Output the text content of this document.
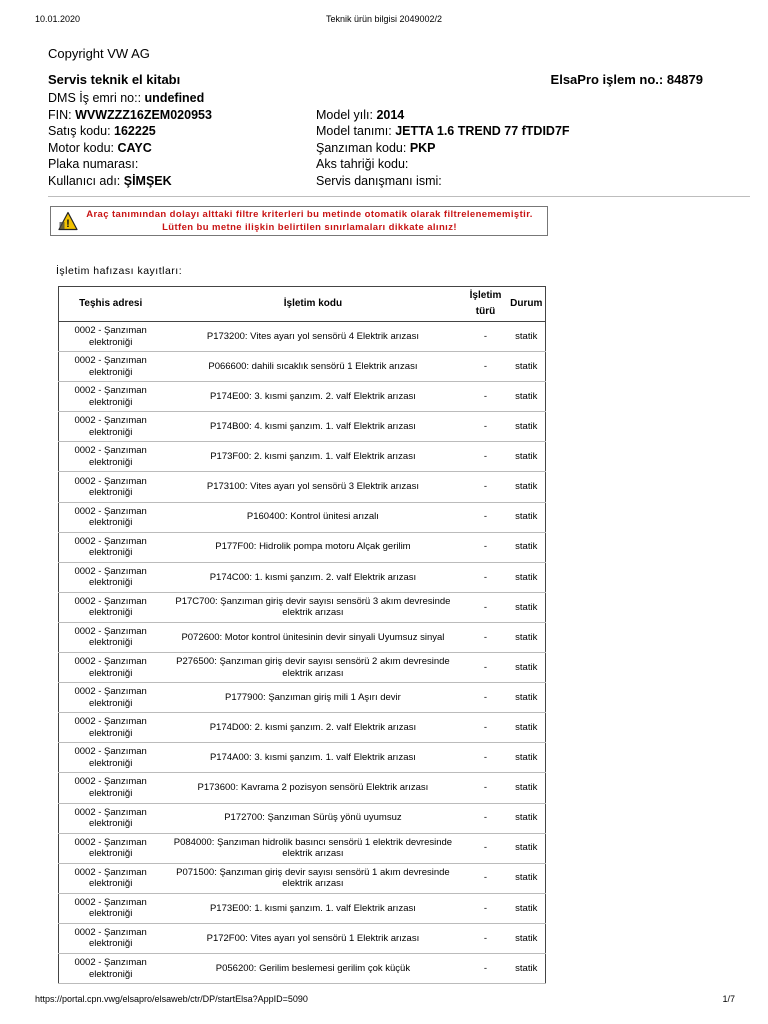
10.01.2020	Teknik ürün bilgisi 2049002/2
Copyright VW AG
Servis teknik el kitabı	ElsaPro işlem no.: 84879
DMS İş emri no:: undefined
FIN: WVWZZZ16ZEM020953	Model yılı: 2014
Satış kodu: 162225	Model tanımı: JETTA 1.6 TREND 77 fTDID7F
Motor kodu: CAYC	Şanzıman kodu: PKP
Plaka numarası:	Aks tahriği kodu:
Kullanıcı adı: ŞİMŞEK	Servis danışmanı ismi:
!
Araç tanımından dolayı alttaki filtre kriterleri bu metinde otomatik olarak filtrelenememiştir. Lütfen bu metne ilişkin belirtilen sınırlamaları dikkate alınız!
İşletim hafızası kayıtları:
Teşhis adresi	İşletim kodu	İşletim türü	Durum
0002 - Şanzıman elektroniği	P173200: Vites ayarı yol sensörü 4 Elektrik arızası	-	statik
0002 - Şanzıman elektroniği	P066600: dahili sıcaklık sensörü 1 Elektrik arızası	-	statik
0002 - Şanzıman elektroniği	P174E00: 3. kısmi şanzım. 2. valf Elektrik arızası	-	statik
0002 - Şanzıman elektroniği	P174B00: 4. kısmi şanzım. 1. valf Elektrik arızası	-	statik
0002 - Şanzıman elektroniği	P173F00: 2. kısmi şanzım. 1. valf Elektrik arızası	-	statik
0002 - Şanzıman elektroniği	P173100: Vites ayarı yol sensörü 3 Elektrik arızası	-	statik
0002 - Şanzıman elektroniği	P160400: Kontrol ünitesi arızalı	-	statik
0002 - Şanzıman elektroniği	P177F00: Hidrolik pompa motoru Alçak gerilim	-	statik
0002 - Şanzıman elektroniği	P174C00: 1. kısmi şanzım. 2. valf Elektrik arızası	-	statik
0002 - Şanzıman elektroniği	P17C700: Şanzıman giriş devir sayısı sensörü 3 akım devresinde elektrik arızası	-	statik
0002 - Şanzıman elektroniği	P072600: Motor kontrol ünitesinin devir sinyali Uyumsuz sinyal	-	statik
0002 - Şanzıman elektroniği	P276500: Şanzıman giriş devir sayısı sensörü 2 akım devresinde elektrik arızası	-	statik
0002 - Şanzıman elektroniği	P177900: Şanzıman giriş mili 1 Aşırı devir	-	statik
0002 - Şanzıman elektroniği	P174D00: 2. kısmi şanzım. 2. valf Elektrik arızası	-	statik
0002 - Şanzıman elektroniği	P174A00: 3. kısmi şanzım. 1. valf Elektrik arızası	-	statik
0002 - Şanzıman elektroniği	P173600: Kavrama 2 pozisyon sensörü Elektrik arızası	-	statik
0002 - Şanzıman elektroniği	P172700: Şanzıman Sürüş yönü uyumsuz	-	statik
0002 - Şanzıman elektroniği	P084000: Şanzıman hidrolik basıncı sensörü 1 elektrik devresinde elektrik arızası	-	statik
0002 - Şanzıman elektroniği	P071500: Şanzıman giriş devir sayısı sensörü 1 akım devresinde elektrik arızası	-	statik
0002 - Şanzıman elektroniği	P173E00: 1. kısmi şanzım. 1. valf Elektrik arızası	-	statik
0002 - Şanzıman elektroniği	P172F00: Vites ayarı yol sensörü 1 Elektrik arızası	-	statik
0002 - Şanzıman elektroniği	P056200: Gerilim beslemesi gerilim çok küçük	-	statik
https://portal.cpn.vwg/elsapro/elsaweb/ctr/DP/startElsa?AppID=5090	1/7
